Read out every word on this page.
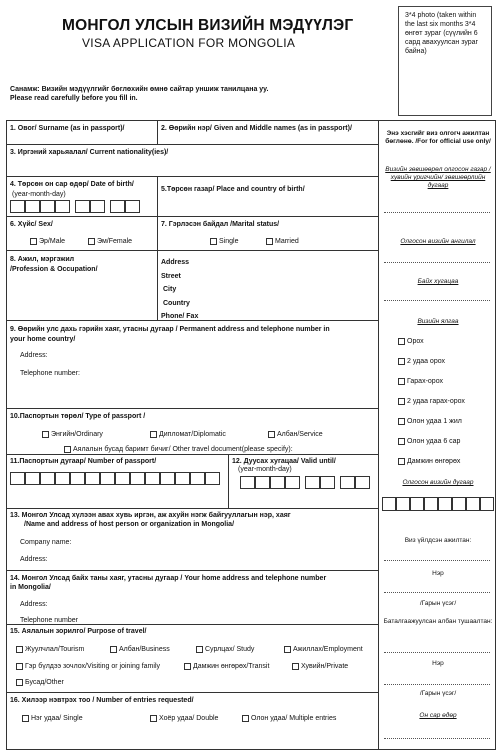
МОНГОЛ УЛСЫН ВИЗИЙН МЭДҮҮЛЭГ
VISA APPLICATION FOR MONGOLIA
3*4 photo (taken within the last six months 3*4 өнгөт зураг (сүүлийн 6 сард авахуулсан зураг байна)
Санамж: Визийн мэдүүлгийг бөглөхийн өмнө сайтар уншиж танилцана уу.
Please read carefully before you fill in.
1. Овог/ Surname (as in passport)/	2. Өөрийн нэр/ Given and Middle names (as in passport)/
3. Иргэний харьяалал/ Current nationality(ies)/
4. Төрсөн он сар өдөр/ Date of birth/
(year-month-day)
5.Төрсөн газар/ Place and country of birth/
6. Хүйс/ Sex/
Эр/Male	Эм/Female
7. Гэрлэсэн байдал /Marital status/
Single	Married
8. Ажил, мэргэжил
/Profession & Occupation/
Address
Street
City
Country
Phone/ Fax
9. Өөрийн улс дахь гэрийн хаяг, утасны дугаар / Permanent address and telephone number in
your home country/
Address:
Telephone number:
10.Паспортын төрөл/ Type of passport /
Энгийн/Ordinary	Дипломат/Diplomatic	Албан/Service
Аялалын бусад баримт бичиг/ Other travel document(please specify):
11.Паспортын дугаар/ Number of passport/	12. Дуусах хугацаа/ Valid until/
(year-month-day)
13. Монгол Улсад хүлээн авах хувь иргэн, аж ахуйн нэгж байгууллагын нэр, хаяг
/Name and address of host person or organization in Mongolia/
Company name:
Address:
14. Монгол Улсад байх таны хаяг, утасны дугаар / Your home address and telephone number
in Mongolia/
Address:
Telephone number
15. Аялалын зорилго/ Purpose of travel/
Жуулчлал/Tourism	Албан/Business	Сурлцах/ Study	Ажиллах/Employment
Гэр бүлдээ зочлох/Visiting or joining family	Дамжин өнгөрөх/Transit	Хувийн/Private
Бусад/Other
16. Хилээр нэвтрэх тоо / Number of entries requested/
Нэг удаа/ Single	Хоёр удаа/ Double	Олон удаа/ Multiple entries
Энэ хэсгийг виз олгогч ажилтан бөглөнө. /For for official use only/
Визийн зөвшөөрөл олгосон газар /хувийн уригчийн/ зөвшөөрлийн дугаар
Олгосон визийн ангилал
Байх хугацаа
Визийн ялгаа
Орох
2 удаа орох
Гарах-орох
2 удаа гарах-орох
Олон удаа 1 жил
Олон удаа 6 сар
Дамжин өнгөрөх
Олгосон визийн дугаар
Виз үйлдсэн ажилтан:
Нэр
/Гарын үсэг/
Баталгаажуулсан албан тушаалтан:
Нэр
/Гарын үсэг/
Он сар өдөр
